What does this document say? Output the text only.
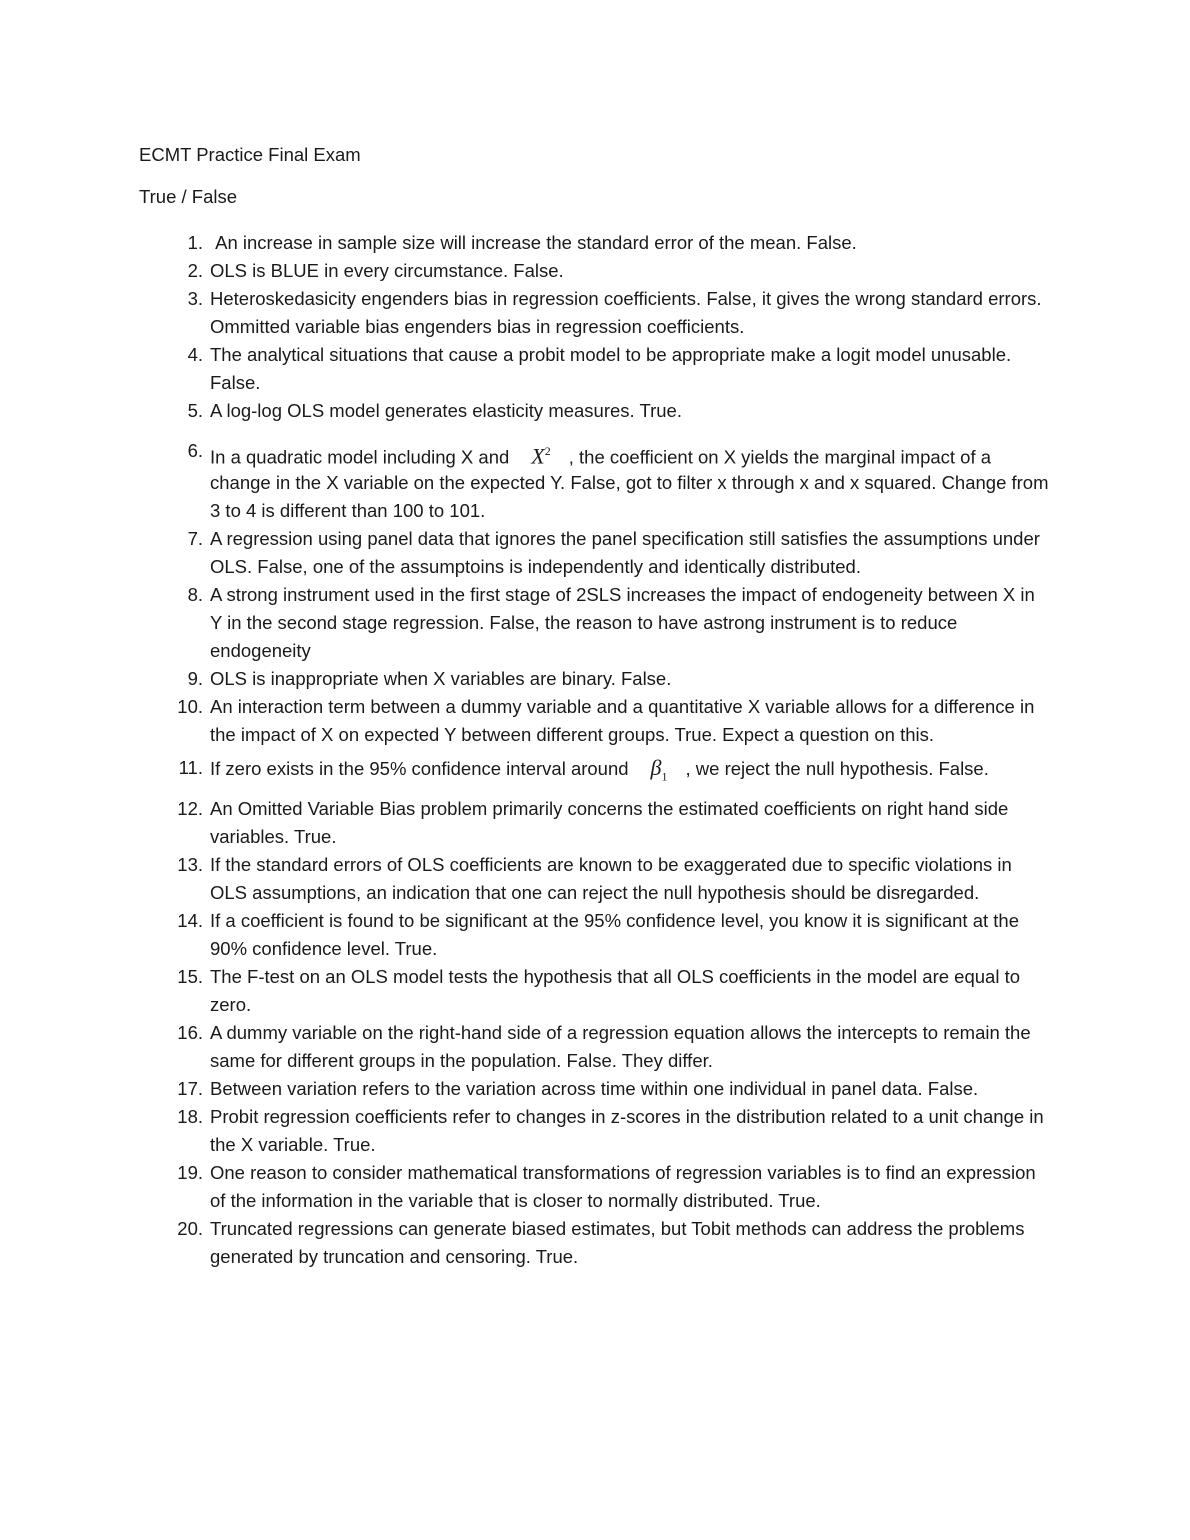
ECMT Practice Final Exam
True / False
1. An increase in sample size will increase the standard error of the mean. False.
2. OLS is BLUE in every circumstance. False.
3. Heteroskedasicity engenders bias in regression coefficients. False, it gives the wrong standard errors. Ommitted variable bias engenders bias in regression coefficients.
4. The analytical situations that cause a probit model to be appropriate make a logit model unusable. False.
5. A log-log OLS model generates elasticity measures. True.
6. In a quadratic model including X and $X^2$ , the coefficient on X yields the marginal impact of a
change in the X variable on the expected Y. False, got to filter x through x and x squared. Change from 3 to 4 is different than 100 to 101.
7. A regression using panel data that ignores the panel specification still satisfies the assumptions under OLS. False, one of the assumptoins is independently and identically distributed.
8. A strong instrument used in the first stage of 2SLS increases the impact of endogeneity between X in Y in the second stage regression. False, the reason to have astrong instrument is to reduce endogeneity
9. OLS is inappropriate when X variables are binary. False.
10. An interaction term between a dummy variable and a quantitative X variable allows for a difference in the impact of X on expected Y between different groups. True. Expect a question on this.
11. If zero exists in the 95% confidence interval around $\beta_1$ , we reject the null hypothesis. False.
12. An Omitted Variable Bias problem primarily concerns the estimated coefficients on right hand side variables. True.
13. If the standard errors of OLS coefficients are known to be exaggerated due to specific violations in OLS assumptions, an indication that one can reject the null hypothesis should be disregarded.
14. If a coefficient is found to be significant at the 95% confidence level, you know it is significant at the 90% confidence level. True.
15. The F-test on an OLS model tests the hypothesis that all OLS coefficients in the model are equal to zero.
16. A dummy variable on the right-hand side of a regression equation allows the intercepts to remain the same for different groups in the population. False. They differ.
17. Between variation refers to the variation across time within one individual in panel data. False.
18. Probit regression coefficients refer to changes in z-scores in the distribution related to a unit change in the X variable. True.
19. One reason to consider mathematical transformations of regression variables is to find an expression of the information in the variable that is closer to normally distributed. True.
20. Truncated regressions can generate biased estimates, but Tobit methods can address the problems generated by truncation and censoring. True.
